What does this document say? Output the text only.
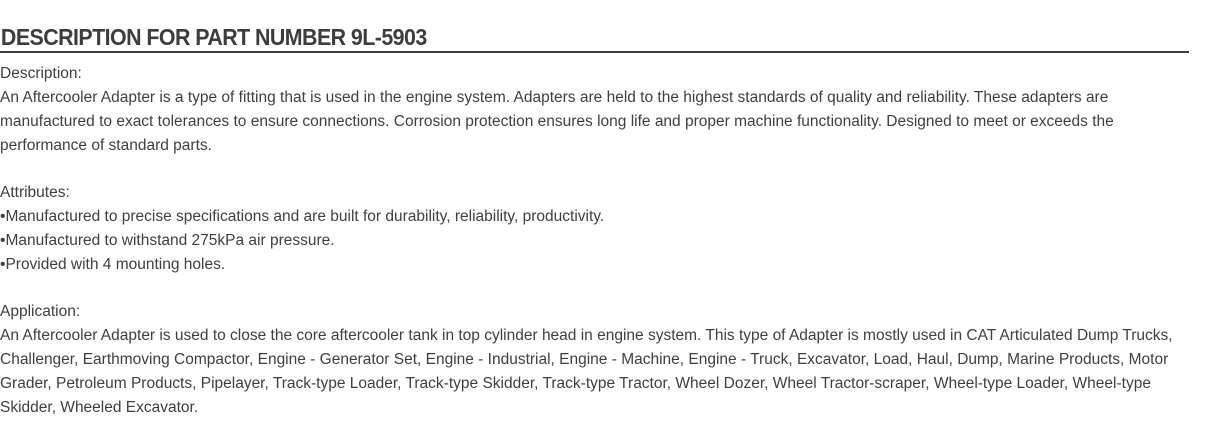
DESCRIPTION FOR PART NUMBER 9L-5903
Description:

An Aftercooler Adapter is a type of fitting that is used in the engine system. Adapters are held to the highest standards of quality and reliability. These adapters are manufactured to exact tolerances to ensure connections. Corrosion protection ensures long life and proper machine functionality. Designed to meet or exceeds the performance of standard parts.

Attributes:
• Manufactured to precise specifications and are built for durability, reliability, productivity.
• Manufactured to withstand 275kPa air pressure.
• Provided with 4 mounting holes.
Application:

An Aftercooler Adapter is used to close the core aftercooler tank in top cylinder head in engine system. This type of Adapter is mostly used in CAT Articulated Dump Trucks, Challenger, Earthmoving Compactor, Engine - Generator Set, Engine - Industrial, Engine - Machine, Engine - Truck, Excavator, Load, Haul, Dump, Marine Products, Motor Grader, Petroleum Products, Pipelayer, Track-type Loader, Track-type Skidder, Track-type Tractor, Wheel Dozer, Wheel Tractor-scraper, Wheel-type Loader, Wheel-type Skidder, Wheeled Excavator.
